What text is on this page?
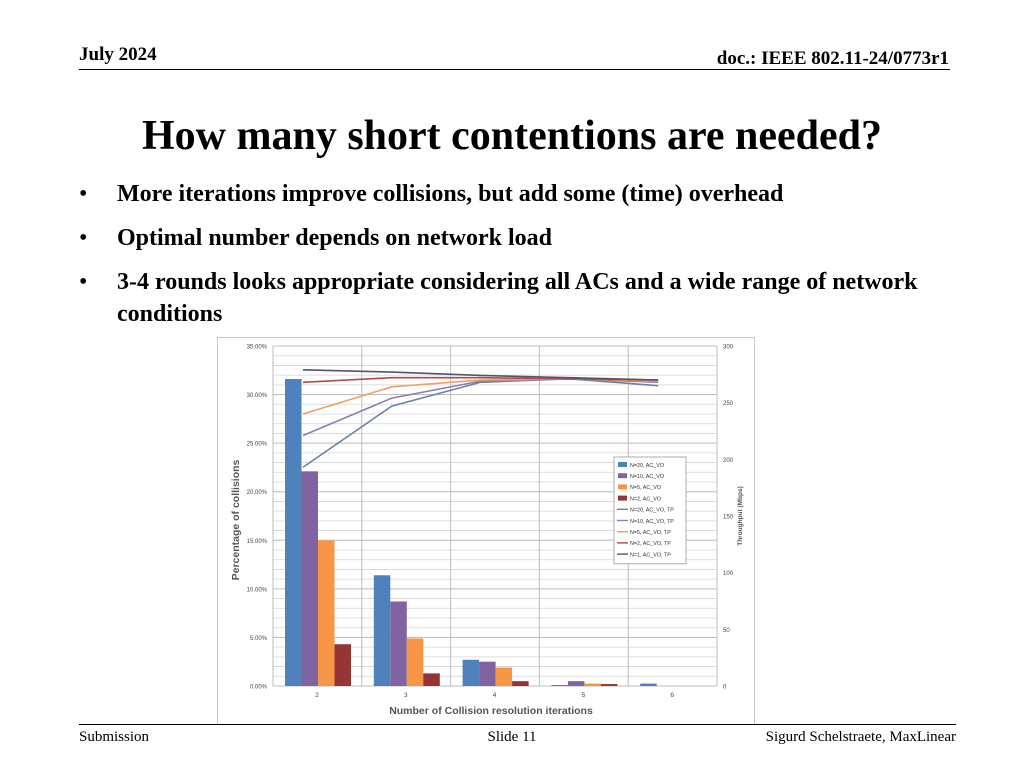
July 2024	doc.: IEEE 802.11-24/0773r1
How many short contentions are needed?
• More iterations improve collisions, but add some (time) overhead
• Optimal number depends on network load
• 3-4 rounds looks appropriate considering all ACs and a wide range of network conditions
0.00%
5.00%
10.00%
15.00%
20.00%
25.00%
30.00%
35.00%
0
50
100
150
200
250
300
2	3	4	5	6
Number of Collision resolution iterations
Percentage of collisions	Throughput (Mbps)
N=20, AC_VO
N=10, AC_VO
N=5, AC_VO
N=2, AC_VO
N=20, AC_VO, TP
N=10, AC_VO, TP
N=5, AC_VO, TP
N=2, AC_VO, TP
N=1, AC_VO, TP
Submission	Slide 11	Sigurd Schelstraete, MaxLinear
